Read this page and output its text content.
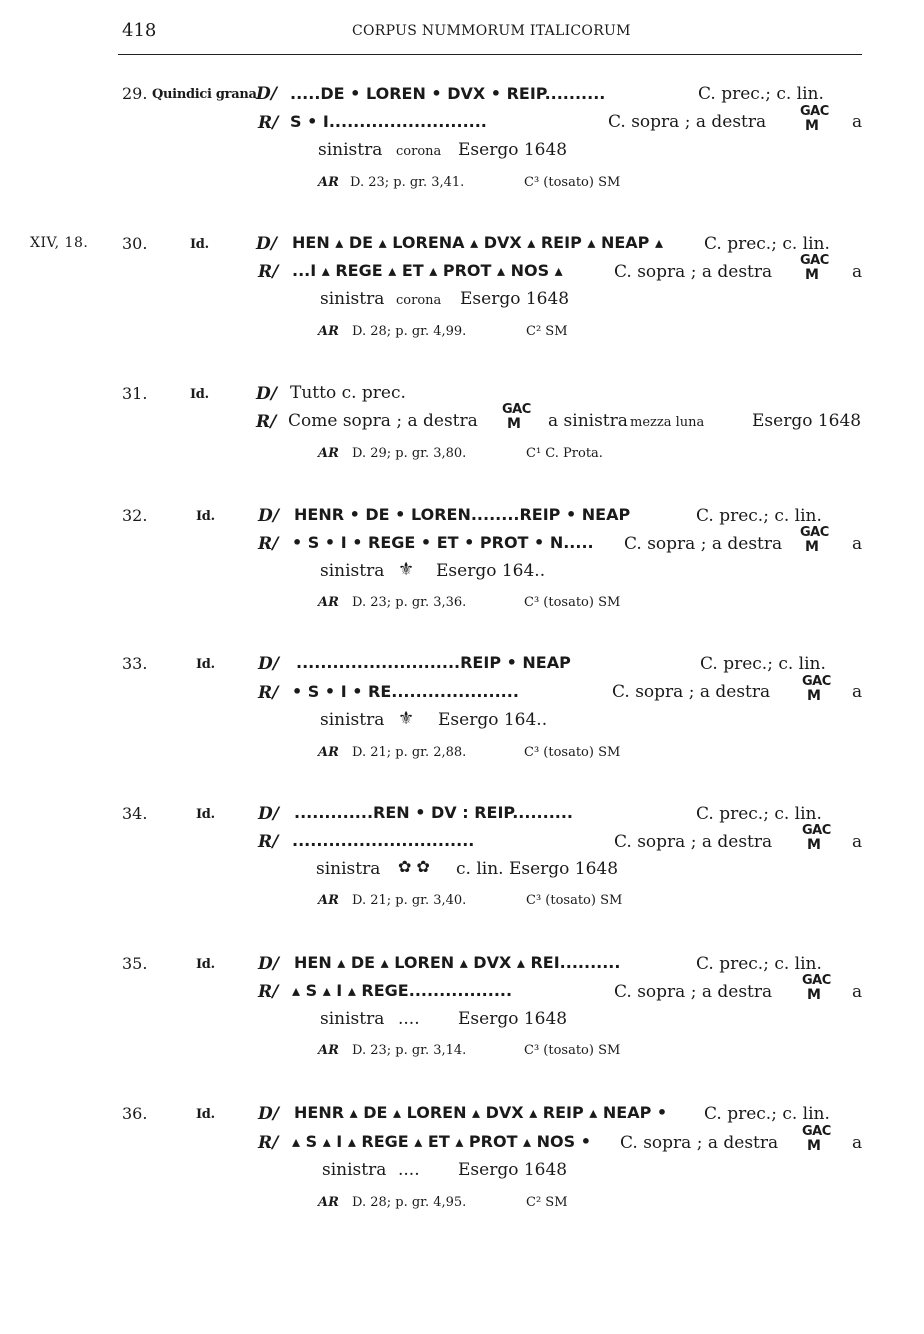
418	CORPUS NUMMORUM ITALICORUM
29. Quindici grana.
D/ .....DE • LOREN • DVX • REIP..........	C. prec.; c. lin.
R/ S • I..........................	C. sopra ; a destra
GAC
M a
sinistra corona Esergo 1648
AR D. 23; p. gr. 3,41.	C³ (tosato) SM
XIV, 18. 30.	Id.	D/ HEN ▴ DE ▴ LORENA ▴ DVX ▴ REIP ▴ NEAP ▴ C. prec.; c. lin.
R/ ...I ▴ REGE ▴ ET ▴ PROT ▴ NOS ▴	C. sopra ; a destra
GAC
M a
sinistra corona Esergo 1648
AR D. 28; p. gr. 4,99.	C² SM
31.	Id.	D/ Tutto c. prec.
R/ Come sopra ; a destra
GAC
M a sinistra mezza luna	Esergo 1648
AR D. 29; p. gr. 3,80.	C¹ C. Prota.
32.	Id.	D/ HENR • DE • LOREN........REIP • NEAP	C. prec.; c. lin.
R/ • S • I • REGE • ET • PROT • N..... C. sopra ; a destra
GAC
M a
sinistra ⚜ Esergo 164..
AR D. 23; p. gr. 3,36.	C³ (tosato) SM
33.	Id.	D/ ...........................REIP • NEAP	C. prec.; c. lin.
R/ • S • I • RE.....................	C. sopra ; a destra
GAC
M a
sinistra ⚜ Esergo 164..
AR D. 21; p. gr. 2,88.	C³ (tosato) SM
34.	Id.	D/ .............REN • DV : REIP..........	C. prec.; c. lin.
R/ ..............................	C. sopra ; a destra
GAC
M a
sinistra ✿ ✿ c. lin. Esergo 1648
AR D. 21; p. gr. 3,40.	C³ (tosato) SM
35.	Id.	D/ HEN ▴ DE ▴ LOREN ▴ DVX ▴ REI..........	C. prec.; c. lin.
R/ ▴ S ▴ I ▴ REGE.................	C. sopra ; a destra
GAC
M a
sinistra .... Esergo 1648
AR D. 23; p. gr. 3,14.	C³ (tosato) SM
36.	Id.	D/ HENR ▴ DE ▴ LOREN ▴ DVX ▴ REIP ▴ NEAP • C. prec.; c. lin.
R/ ▴ S ▴ I ▴ REGE ▴ ET ▴ PROT ▴ NOS • C. sopra ; a destra
GAC
M a
sinistra .... Esergo 1648
AR D. 28; p. gr. 4,95.	C² SM
